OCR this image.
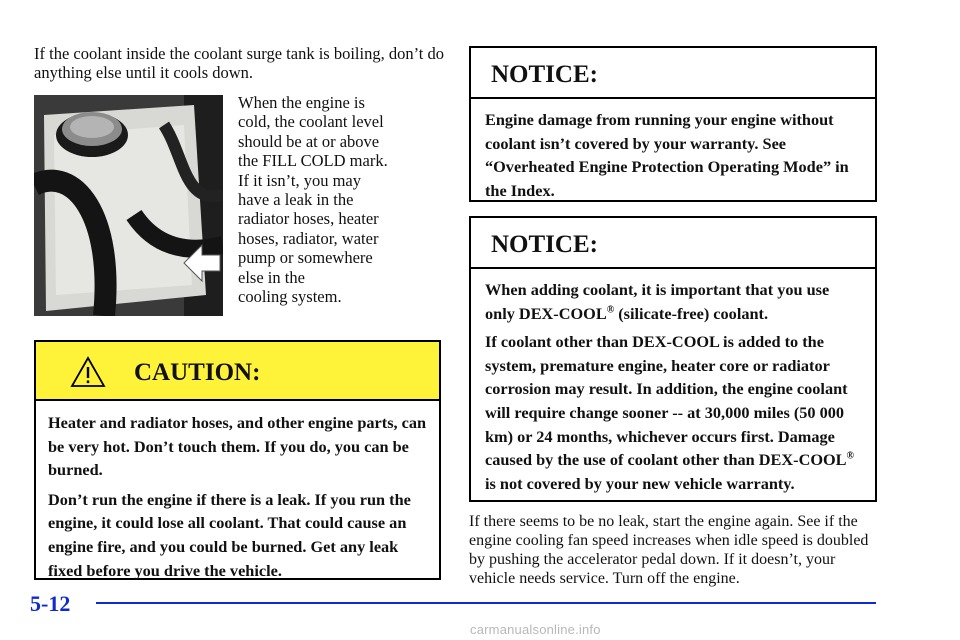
If the coolant inside the coolant surge tank is boiling, don’t do anything else until it cools down.
When the engine is
cold, the coolant level
should be at or above
the FILL COLD mark.
If it isn’t, you may
have a leak in the
radiator hoses, heater
hoses, radiator, water
pump or somewhere
else in the
cooling system.
CAUTION:

Heater and radiator hoses, and other engine parts, can be very hot. Don’t touch them. If you do, you can be burned.

Don’t run the engine if there is a leak. If you run the engine, it could lose all coolant. That could cause an engine fire, and you could be burned. Get any leak fixed before you drive the vehicle.

NOTICE:

Engine damage from running your engine without coolant isn’t covered by your warranty. See “Overheated Engine Protection Operating Mode” in the Index.

NOTICE:

When adding coolant, it is important that you use only DEX-COOL® (silicate-free) coolant.

If coolant other than DEX-COOL is added to the system, premature engine, heater core or radiator corrosion may result. In addition, the engine coolant will require change sooner -- at 30,000 miles (50 000 km) or 24 months, whichever occurs first. Damage caused by the use of coolant other than DEX-COOL® is not covered by your new vehicle warranty.

If there seems to be no leak, start the engine again. See if the engine cooling fan speed increases when idle speed is doubled by pushing the accelerator pedal down. If it doesn’t, your vehicle needs service. Turn off the engine.
5-12
carmanualsonline.info
